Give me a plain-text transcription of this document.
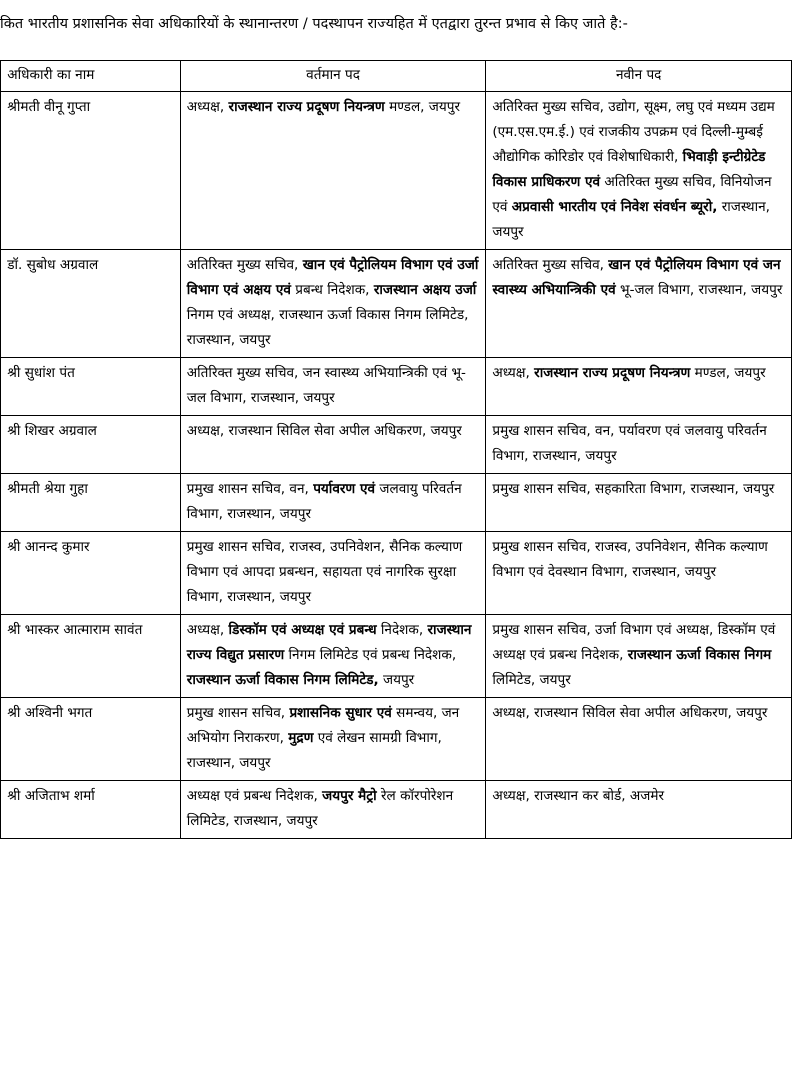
कित भारतीय प्रशासनिक सेवा अधिकारियों के स्थानान्तरण / पदस्थापन राज्यहित में एतद्वारा तुरन्त प्रभाव से किए जाते है:-
	अधिकारी का नाम	वर्तमान पद	नवीन पद
	श्रीमती वीनू गुप्ता	अध्यक्ष, राजस्थान राज्य प्रदूषण नियन्त्रण मण्डल, जयपुर	अतिरिक्त मुख्य सचिव, उद्योग, सूक्ष्म, लघु एवं मध्यम उद्यम (एम.एस.एम.ई.) एवं राजकीय उपक्रम एवं दिल्ली-मुम्बई औद्योगिक कोरिडोर एवं विशेषाधिकारी, भिवाड़ी इन्टीग्रेटेड विकास प्राधिकरण एवं अतिरिक्त मुख्य सचिव, विनियोजन एवं अप्रवासी भारतीय एवं निवेश संवर्धन ब्यूरो, राजस्थान, जयपुर
	डॉ. सुबोध अग्रवाल	अतिरिक्त मुख्य सचिव, खान एवं पैट्रोलियम विभाग एवं उर्जा विभाग एवं अक्षय एवं प्रबन्ध निदेशक, राजस्थान अक्षय उर्जा निगम एवं अध्यक्ष, राजस्थान ऊर्जा विकास निगम लिमिटेड, राजस्थान, जयपुर	अतिरिक्त मुख्य सचिव, खान एवं पैट्रोलियम विभाग एवं जन स्वास्थ्य अभियान्त्रिकी एवं भू-जल विभाग, राजस्थान, जयपुर
	श्री सुधांश पंत	अतिरिक्त मुख्य सचिव, जन स्वास्थ्य अभियान्त्रिकी एवं भू-जल विभाग, राजस्थान, जयपुर	अध्यक्ष, राजस्थान राज्य प्रदूषण नियन्त्रण मण्डल, जयपुर
	श्री शिखर अग्रवाल	अध्यक्ष, राजस्थान सिविल सेवा अपील अधिकरण, जयपुर	प्रमुख शासन सचिव, वन, पर्यावरण एवं जलवायु परिवर्तन विभाग, राजस्थान, जयपुर
	श्रीमती श्रेया गुहा	प्रमुख शासन सचिव, वन, पर्यावरण एवं जलवायु परिवर्तन विभाग, राजस्थान, जयपुर	प्रमुख शासन सचिव, सहकारिता विभाग, राजस्थान, जयपुर
	श्री आनन्द कुमार	प्रमुख शासन सचिव, राजस्व, उपनिवेशन, सैनिक कल्याण विभाग एवं आपदा प्रबन्धन, सहायता एवं नागरिक सुरक्षा विभाग, राजस्थान, जयपुर	प्रमुख शासन सचिव, राजस्व, उपनिवेशन, सैनिक कल्याण विभाग एवं देवस्थान विभाग, राजस्थान, जयपुर
	श्री भास्कर आत्माराम सावंत	अध्यक्ष, डिस्कॉम एवं अध्यक्ष एवं प्रबन्ध निदेशक, राजस्थान राज्य विद्युत प्रसारण निगम लिमिटेड एवं प्रबन्ध निदेशक, राजस्थान ऊर्जा विकास निगम लिमिटेड, जयपुर	प्रमुख शासन सचिव, उर्जा विभाग एवं अध्यक्ष, डिस्कॉम एवं अध्यक्ष एवं प्रबन्ध निदेशक, राजस्थान ऊर्जा विकास निगम लिमिटेड, जयपुर
	श्री अश्विनी भगत	प्रमुख शासन सचिव, प्रशासनिक सुधार एवं समन्वय, जन अभियोग निराकरण, मुद्रण एवं लेखन सामग्री विभाग, राजस्थान, जयपुर	अध्यक्ष, राजस्थान सिविल सेवा अपील अधिकरण, जयपुर
	श्री अजिताभ शर्मा	अध्यक्ष एवं प्रबन्ध निदेशक, जयपुर मैट्रो रेल कॉरपोरेशन लिमिटेड, राजस्थान, जयपुर	अध्यक्ष, राजस्थान कर बोर्ड, अजमेर
